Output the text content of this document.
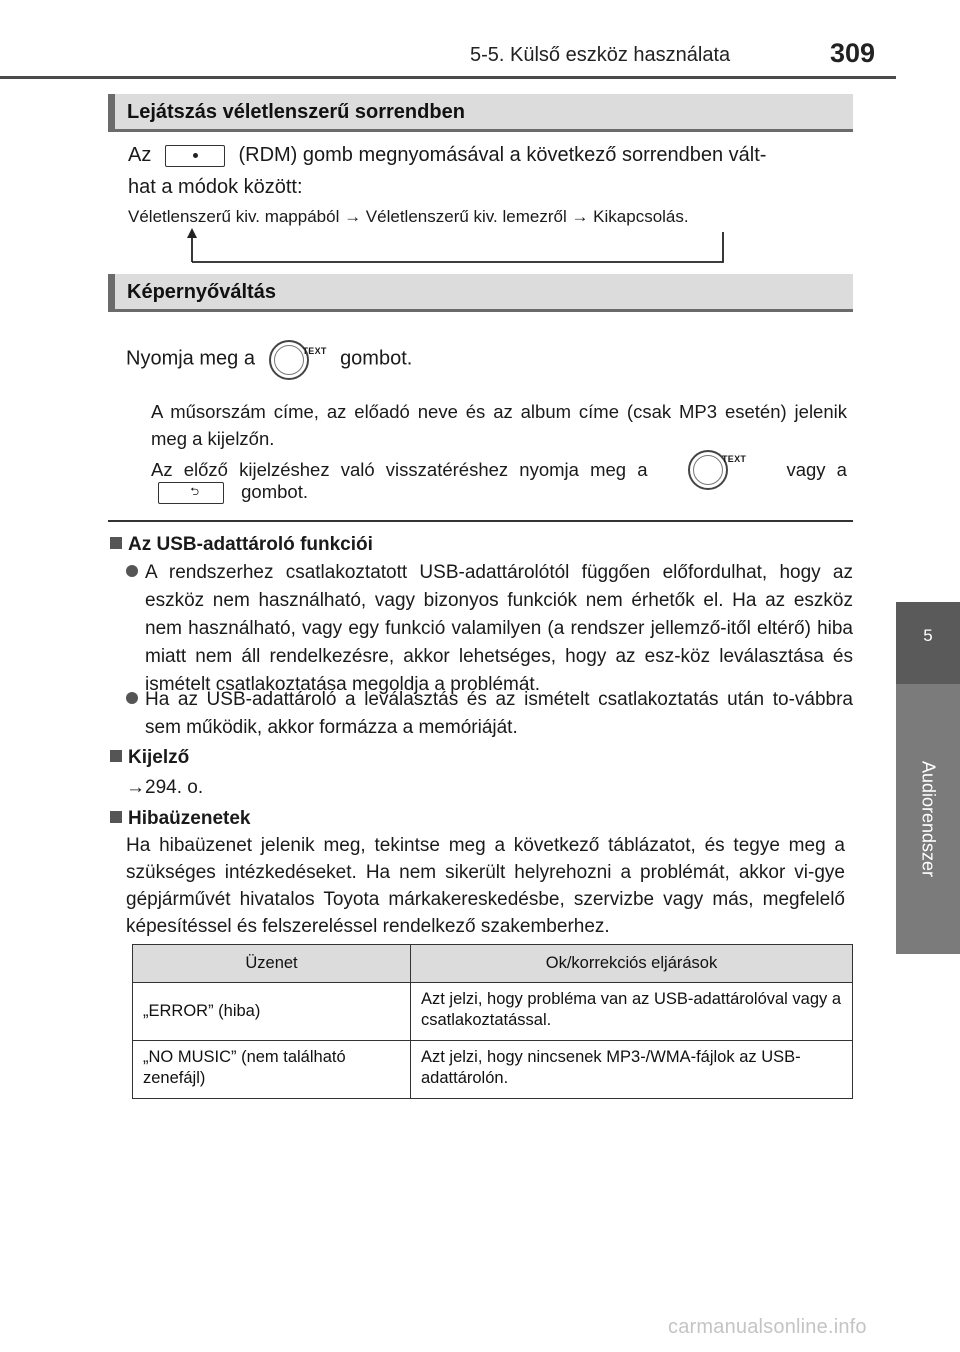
5-5. Külső eszköz használata	309
5
Audiorendszer
Lejátszás véletlenszerű sorrendben
Az	(RDM) gomb megnyomásával a következő sorrendben vált-
hat a módok között:
Véletlenszerű kiv. mappából → Véletlenszerű kiv. lemezről → Kikapcsolás.
Képernyőváltás
Nyomja meg a	TEXT gombot.
A műsorszám címe, az előadó neve és az album címe (csak MP3 esetén) jelenik meg a kijelzőn.
Az előző kijelzéshez való visszatéréshez nyomja meg a	TEXT vagy a
⮌ gombot.
Az USB-adattároló funkciói
A rendszerhez csatlakoztatott USB-adattárolótól függően előfordulhat, hogy az eszköz nem használható, vagy bizonyos funkciók nem érhetők el. Ha az eszköz nem használható, vagy egy funkció valamilyen (a rendszer jellemző-itől eltérő) hiba miatt nem áll rendelkezésre, akkor lehetséges, hogy az esz-köz leválasztása és ismételt csatlakoztatása megoldja a problémát.
Ha az USB-adattároló a leválasztás és az ismételt csatlakoztatás után to-vábbra sem működik, akkor formázza a memóriáját.
Kijelző
→294. o.
Hibaüzenetek
Ha hibaüzenet jelenik meg, tekintse meg a következő táblázatot, és tegye meg a szükséges intézkedéseket. Ha nem sikerült helyrehozni a problémát, akkor vi-gye gépjárművét hivatalos Toyota márkakereskedésbe, szervizbe vagy más, megfelelő képesítéssel és felszereléssel rendelkező szakemberhez.
Üzenet	Ok/korrekciós eljárások
„ERROR” (hiba)	Azt jelzi, hogy probléma van az USB-adattárolóval vagy a csatlakoztatással.
„NO MUSIC” (nem található zenefájl)	Azt jelzi, hogy nincsenek MP3-/WMA-fájlok az USB-adattárolón.
carmanualsonline.info
